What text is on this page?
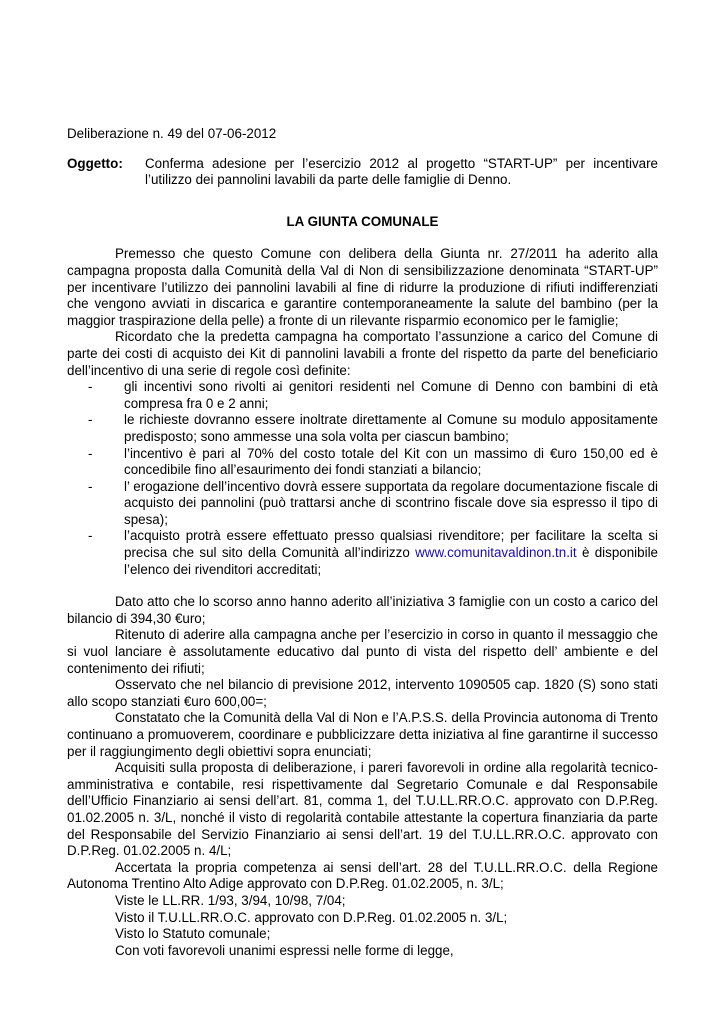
Deliberazione n. 49 del 07-06-2012
Oggetto:	Conferma adesione per l’esercizio 2012 al progetto “START-UP” per incentivare l’utilizzo dei pannolini lavabili da parte delle famiglie di Denno.
LA GIUNTA COMUNALE

Premesso che questo Comune con delibera della Giunta nr. 27/2011 ha aderito alla campagna proposta dalla Comunità della Val di Non di sensibilizzazione denominata “START-UP” per incentivare l’utilizzo dei pannolini lavabili al fine di ridurre la produzione di rifiuti indifferenziati che vengono avviati in discarica e garantire contemporaneamente la salute del bambino (per la maggior traspirazione della pelle) a fronte di un rilevante risparmio economico per le famiglie;

Ricordato che la predetta campagna ha comportato l’assunzione a carico del Comune di parte dei costi di acquisto dei Kit di pannolini lavabili a fronte del rispetto da parte del beneficiario dell’incentivo di una serie di regole così definite:

- gli incentivi sono rivolti ai genitori residenti nel Comune di Denno con bambini di età compresa fra 0 e 2 anni;
- le richieste dovranno essere inoltrate direttamente al Comune su modulo appositamente predisposto; sono ammesse una sola volta per ciascun bambino;
- l’incentivo è pari al 70% del costo totale del Kit con un massimo di €uro 150,00 ed è concedibile fino all’esaurimento dei fondi stanziati a bilancio;
- l’ erogazione dell’incentivo dovrà essere supportata da regolare documentazione fiscale di acquisto dei pannolini (può trattarsi anche di scontrino fiscale dove sia espresso il tipo di spesa);
- l’acquisto protrà essere effettuato presso qualsiasi rivenditore; per facilitare la scelta si precisa che sul sito della Comunità all’indirizzo www.comunitavaldinon.tn.it è disponibile l’elenco dei rivenditori accreditati;

Dato atto che lo scorso anno hanno aderito all’iniziativa 3 famiglie con un costo a carico del bilancio di 394,30 €uro;

Ritenuto di aderire alla campagna anche per l’esercizio in corso in quanto il messaggio che si vuol lanciare è assolutamente educativo dal punto di vista del rispetto dell’ ambiente e del contenimento dei rifiuti;

Osservato che nel bilancio di previsione 2012, intervento 1090505 cap. 1820 (S) sono stati allo scopo stanziati €uro 600,00=;

Constatato che la Comunità della Val di Non e l’A.P.S.S. della Provincia autonoma di Trento continuano a promuoverem, coordinare e pubblicizzare detta iniziativa al fine garantirne il successo per il raggiungimento degli obiettivi sopra enunciati;

Acquisiti sulla proposta di deliberazione, i pareri favorevoli in ordine alla regolarità tecnico-amministrativa e contabile, resi rispettivamente dal Segretario Comunale e dal Responsabile dell’Ufficio Finanziario ai sensi dell’art. 81, comma 1, del T.U.LL.RR.O.C. approvato con D.P.Reg. 01.02.2005 n. 3/L, nonché il visto di regolarità contabile attestante la copertura finanziaria da parte del Responsabile del Servizio Finanziario ai sensi dell’art. 19 del T.U.LL.RR.O.C. approvato con D.P.Reg. 01.02.2005 n. 4/L;

Accertata la propria competenza ai sensi dell’art. 28 del T.U.LL.RR.O.C. della Regione Autonoma Trentino Alto Adige approvato con D.P.Reg. 01.02.2005, n. 3/L;

Viste le LL.RR. 1/93, 3/94, 10/98, 7/04;

Visto il T.U.LL.RR.O.C. approvato con D.P.Reg. 01.02.2005 n. 3/L;

Visto lo Statuto comunale;

Con voti favorevoli unanimi espressi nelle forme di legge,
